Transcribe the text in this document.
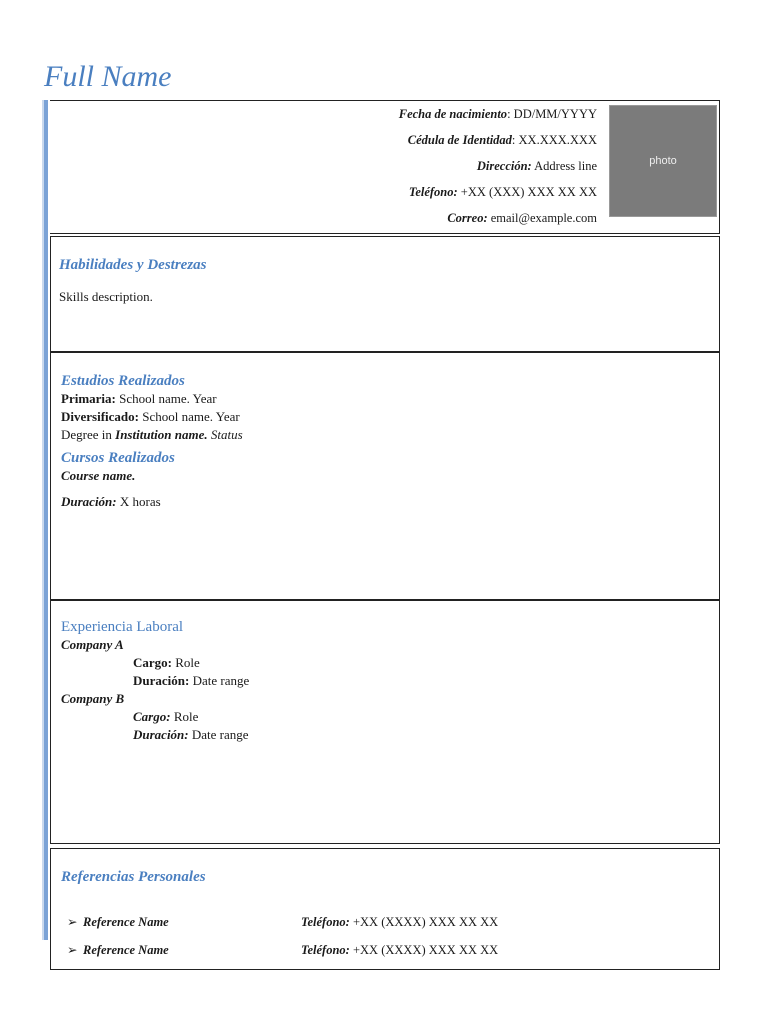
Full Name
Fecha de nacimiento: DD/MM/YYYY
Cédula de Identidad: XX.XXX.XXX
Dirección: Address line
Teléfono: +XX (XXX) XXX XX XX
Correo: email@example.com
photo
Habilidades y Destrezas
Skills description.
Estudios Realizados
Primaria: School name. Year
Diversificado: School name. Year
Degree in Institution name. Status
Cursos Realizados
Course name.
Duración: X horas
Experiencia Laboral
Company A
Cargo: Role
Duración: Date range
Company B
Cargo: Role
Duración: Date range
Referencias Personales
➢ Reference Name	Teléfono: +XX (XXXX) XXX XX XX
➢ Reference Name	Teléfono: +XX (XXXX) XXX XX XX
